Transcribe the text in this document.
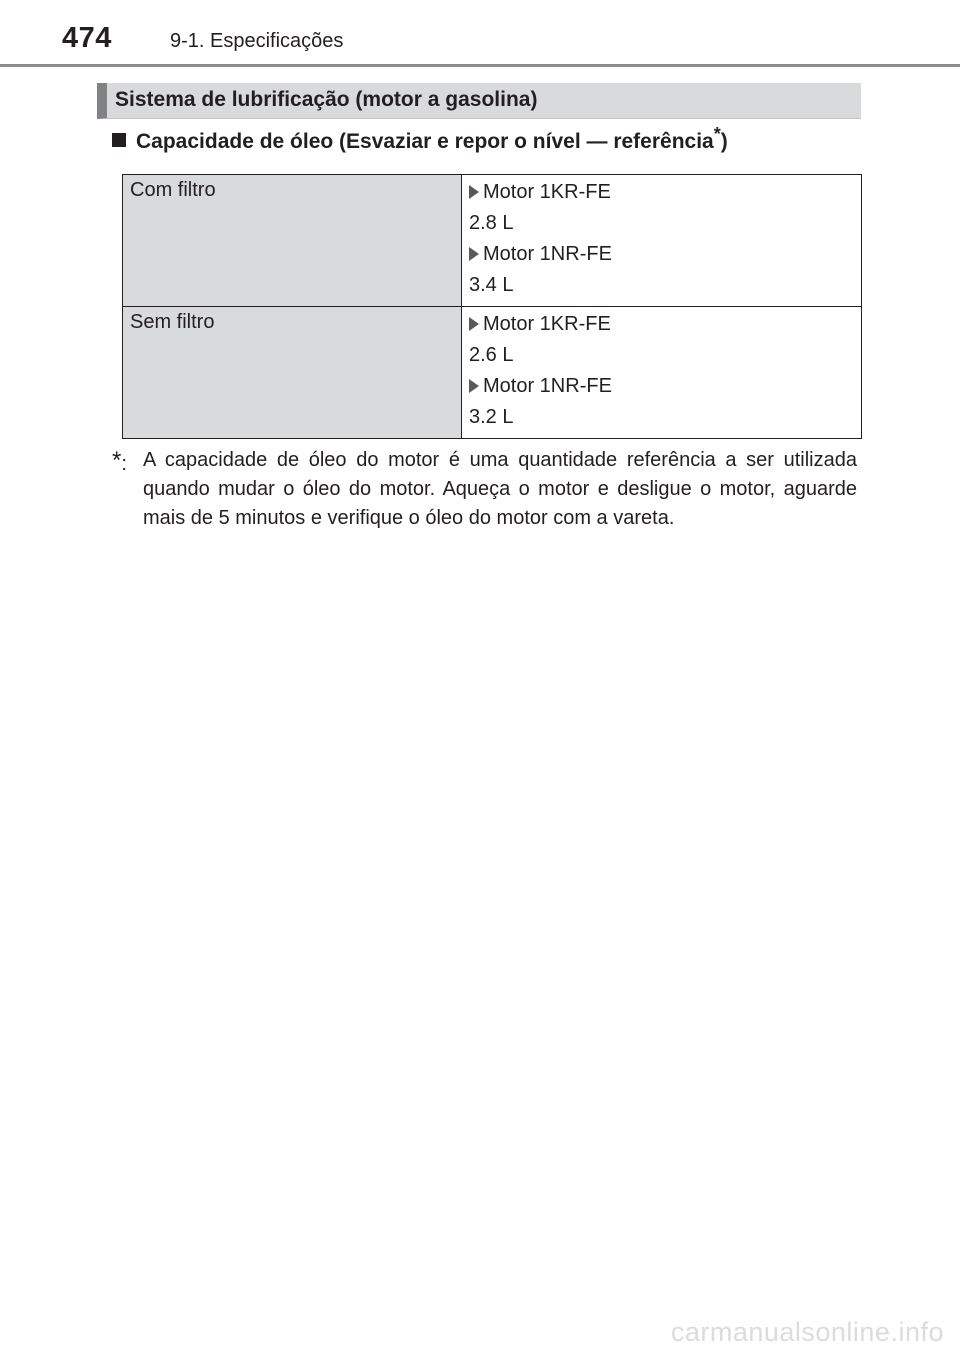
474	9-1. Especificações
Sistema de lubrificação (motor a gasolina)
Capacidade de óleo (Esvaziar e repor o nível — referência*)
Com filtro	Motor 1KR-FE
2.8 L
Motor 1NR-FE
3.4 L

Sem filtro	Motor 1KR-FE
2.6 L
Motor 1NR-FE
3.2 L
*: A capacidade de óleo do motor é uma quantidade referência a ser utilizada quando mudar o óleo do motor. Aqueça o motor e desligue o motor, aguarde mais de 5 minutos e verifique o óleo do motor com a vareta.
carmanualsonline.info
